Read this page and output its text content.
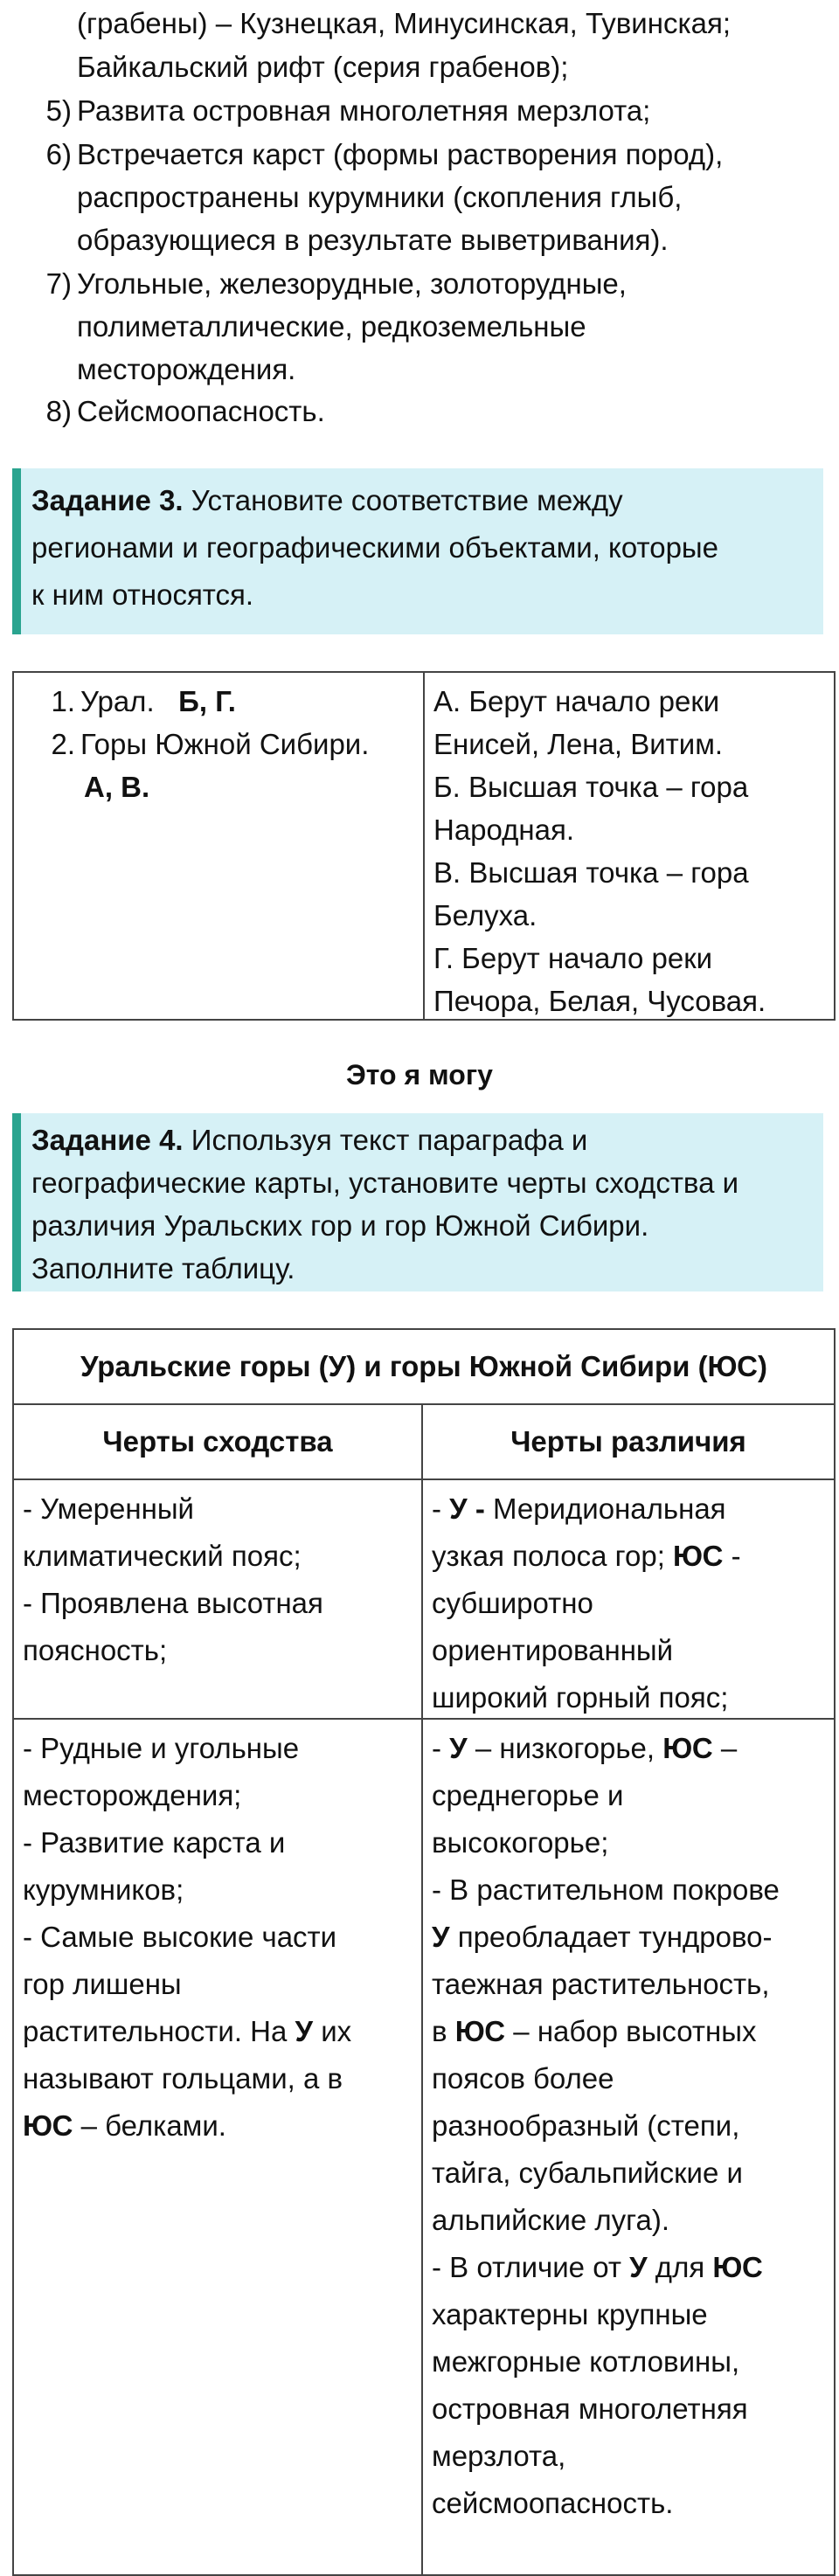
(грабены) – Кузнецкая, Минусинская, Тувинская;
Байкальский рифт (серия грабенов);
5) Развита островная многолетняя мерзлота;
6) Встречается карст (формы растворения пород),
распространены курумники (скопления глыб,
образующиеся в результате выветривания).
7) Угольные, железорудные, золоторудные,
полиметаллические, редкоземельные
месторождения.
8) Сейсмоопасность.
Задание 3. Установите соответствие между
регионами и географическими объектами, которые
к ним относятся.
1. Урал. Б, Г.
2. Горы Южной Сибири.
А, В.
А. Берут начало реки
Енисей, Лена, Витим.
Б. Высшая точка – гора
Народная.
В. Высшая точка – гора
Белуха.
Г. Берут начало реки
Печора, Белая, Чусовая.
Это я могу
Задание 4. Используя текст параграфа и
географические карты, установите черты сходства и
различия Уральских гор и гор Южной Сибири.
Заполните таблицу.
Уральские горы (У) и горы Южной Сибири (ЮС)
Черты сходства	Черты различия
- Умеренный
климатический пояс;
- Проявлена высотная
поясность;
- У - Меридиональная
узкая полоса гор; ЮС -
субширотно
ориентированный
широкий горный пояс;
- Рудные и угольные
месторождения;
- Развитие карста и
курумников;
- Самые высокие части
гор лишены
растительности. На У их
называют гольцами, а в
ЮС – белками.
- У – низкогорье, ЮС –
среднегорье и
высокогорье;
- В растительном покрове
У преобладает тундрово-
таежная растительность,
в ЮС – набор высотных
поясов более
разнообразный (степи,
тайга, субальпийские и
альпийские луга).
- В отличие от У для ЮС
характерны крупные
межгорные котловины,
островная многолетняя
мерзлота,
сейсмоопасность.
